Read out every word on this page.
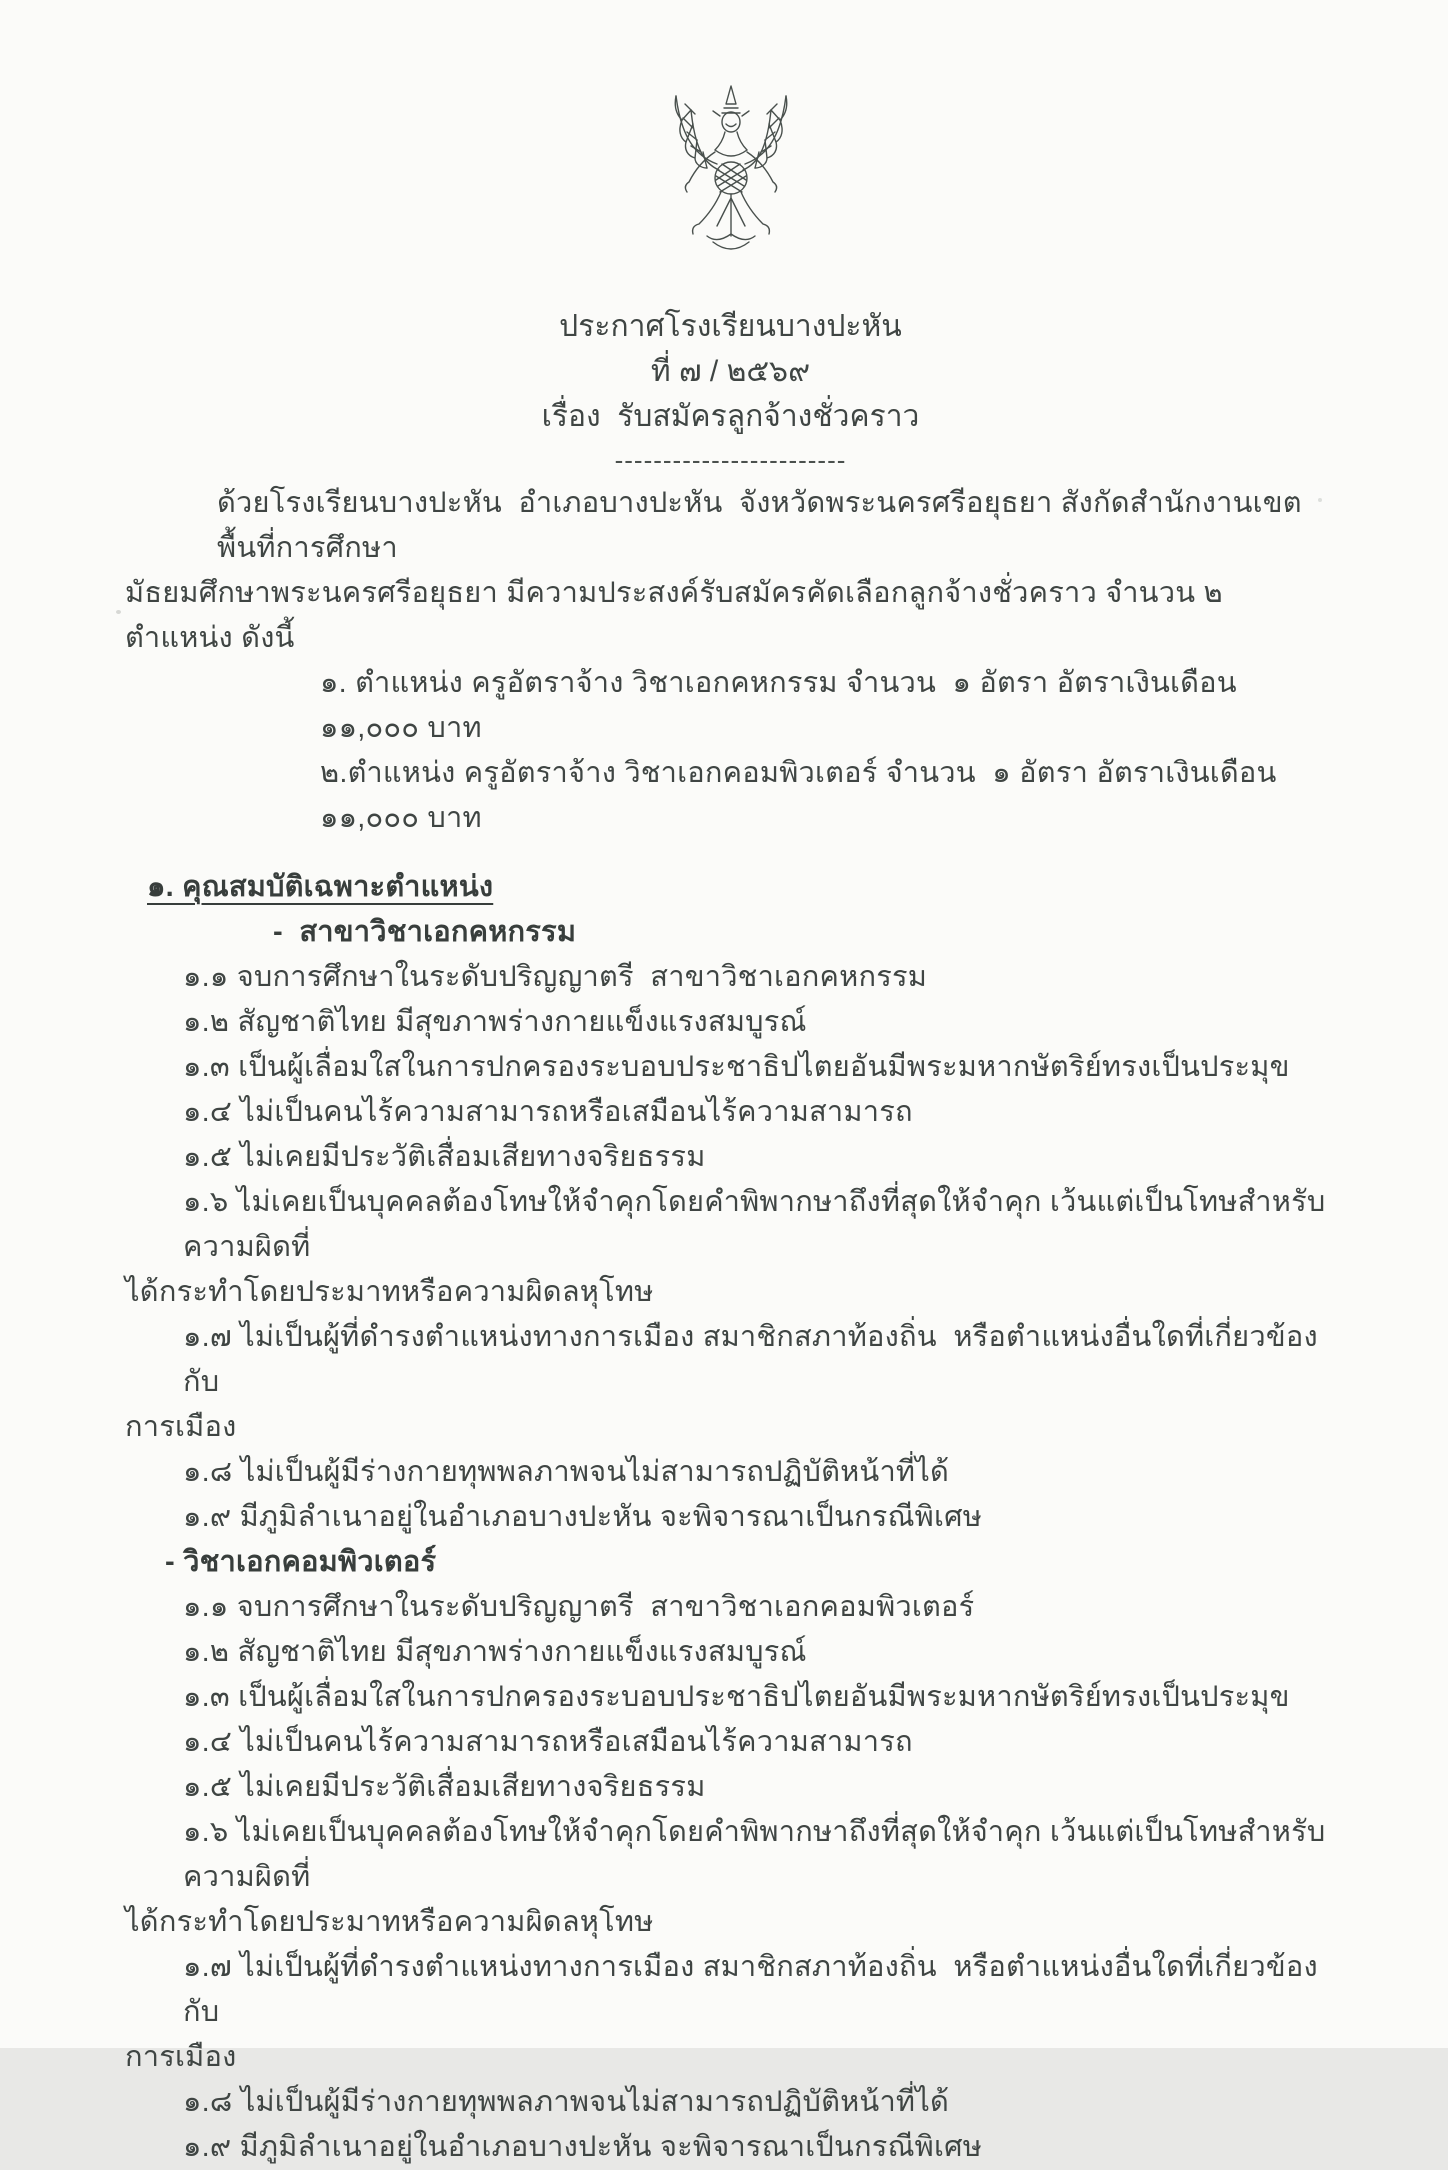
ประกาศโรงเรียนบางปะหัน
ที่ ๗ / ๒๕๖๙
เรื่อง  รับสมัครลูกจ้างชั่วคราว
------------------------
ด้วยโรงเรียนบางปะหัน  อำเภอบางปะหัน  จังหวัดพระนครศรีอยุธยา สังกัดสำนักงานเขตพื้นที่การศึกษา
มัธยมศึกษาพระนครศรีอยุธยา มีความประสงค์รับสมัครคัดเลือกลูกจ้างชั่วคราว จำนวน ๒ ตำแหน่ง ดังนี้
๑. ตำแหน่ง ครูอัตราจ้าง วิชาเอกคหกรรม จำนวน  ๑ อัตรา อัตราเงินเดือน ๑๑,๐๐๐ บาท
๒.ตำแหน่ง ครูอัตราจ้าง วิชาเอกคอมพิวเตอร์ จำนวน  ๑ อัตรา อัตราเงินเดือน ๑๑,๐๐๐ บาท
๑. คุณสมบัติเฉพาะตำแหน่ง
-  สาขาวิชาเอกคหกรรม
๑.๑ จบการศึกษาในระดับปริญญาตรี  สาขาวิชาเอกคหกรรม
๑.๒ สัญชาติไทย มีสุขภาพร่างกายแข็งแรงสมบูรณ์
๑.๓ เป็นผู้เลื่อมใสในการปกครองระบอบประชาธิปไตยอันมีพระมหากษัตริย์ทรงเป็นประมุข
๑.๔ ไม่เป็นคนไร้ความสามารถหรือเสมือนไร้ความสามารถ
๑.๕ ไม่เคยมีประวัติเสื่อมเสียทางจริยธรรม
๑.๖ ไม่เคยเป็นบุคคลต้องโทษให้จำคุกโดยคำพิพากษาถึงที่สุดให้จำคุก เว้นแต่เป็นโทษสำหรับความผิดที่
ได้กระทำโดยประมาทหรือความผิดลหุโทษ
๑.๗ ไม่เป็นผู้ที่ดำรงตำแหน่งทางการเมือง สมาชิกสภาท้องถิ่น  หรือตำแหน่งอื่นใดที่เกี่ยวข้องกับ
การเมือง
๑.๘ ไม่เป็นผู้มีร่างกายทุพพลภาพจนไม่สามารถปฏิบัติหน้าที่ได้
๑.๙ มีภูมิลำเนาอยู่ในอำเภอบางปะหัน จะพิจารณาเป็นกรณีพิเศษ
- วิชาเอกคอมพิวเตอร์
๑.๑ จบการศึกษาในระดับปริญญาตรี  สาขาวิชาเอกคอมพิวเตอร์
๑.๒ สัญชาติไทย มีสุขภาพร่างกายแข็งแรงสมบูรณ์
๑.๓ เป็นผู้เลื่อมใสในการปกครองระบอบประชาธิปไตยอันมีพระมหากษัตริย์ทรงเป็นประมุข
๑.๔ ไม่เป็นคนไร้ความสามารถหรือเสมือนไร้ความสามารถ
๑.๕ ไม่เคยมีประวัติเสื่อมเสียทางจริยธรรม
๑.๖ ไม่เคยเป็นบุคคลต้องโทษให้จำคุกโดยคำพิพากษาถึงที่สุดให้จำคุก เว้นแต่เป็นโทษสำหรับความผิดที่
ได้กระทำโดยประมาทหรือความผิดลหุโทษ
๑.๗ ไม่เป็นผู้ที่ดำรงตำแหน่งทางการเมือง สมาชิกสภาท้องถิ่น  หรือตำแหน่งอื่นใดที่เกี่ยวข้องกับ
การเมือง
๑.๘ ไม่เป็นผู้มีร่างกายทุพพลภาพจนไม่สามารถปฏิบัติหน้าที่ได้
๑.๙ มีภูมิลำเนาอยู่ในอำเภอบางปะหัน จะพิจารณาเป็นกรณีพิเศษ
